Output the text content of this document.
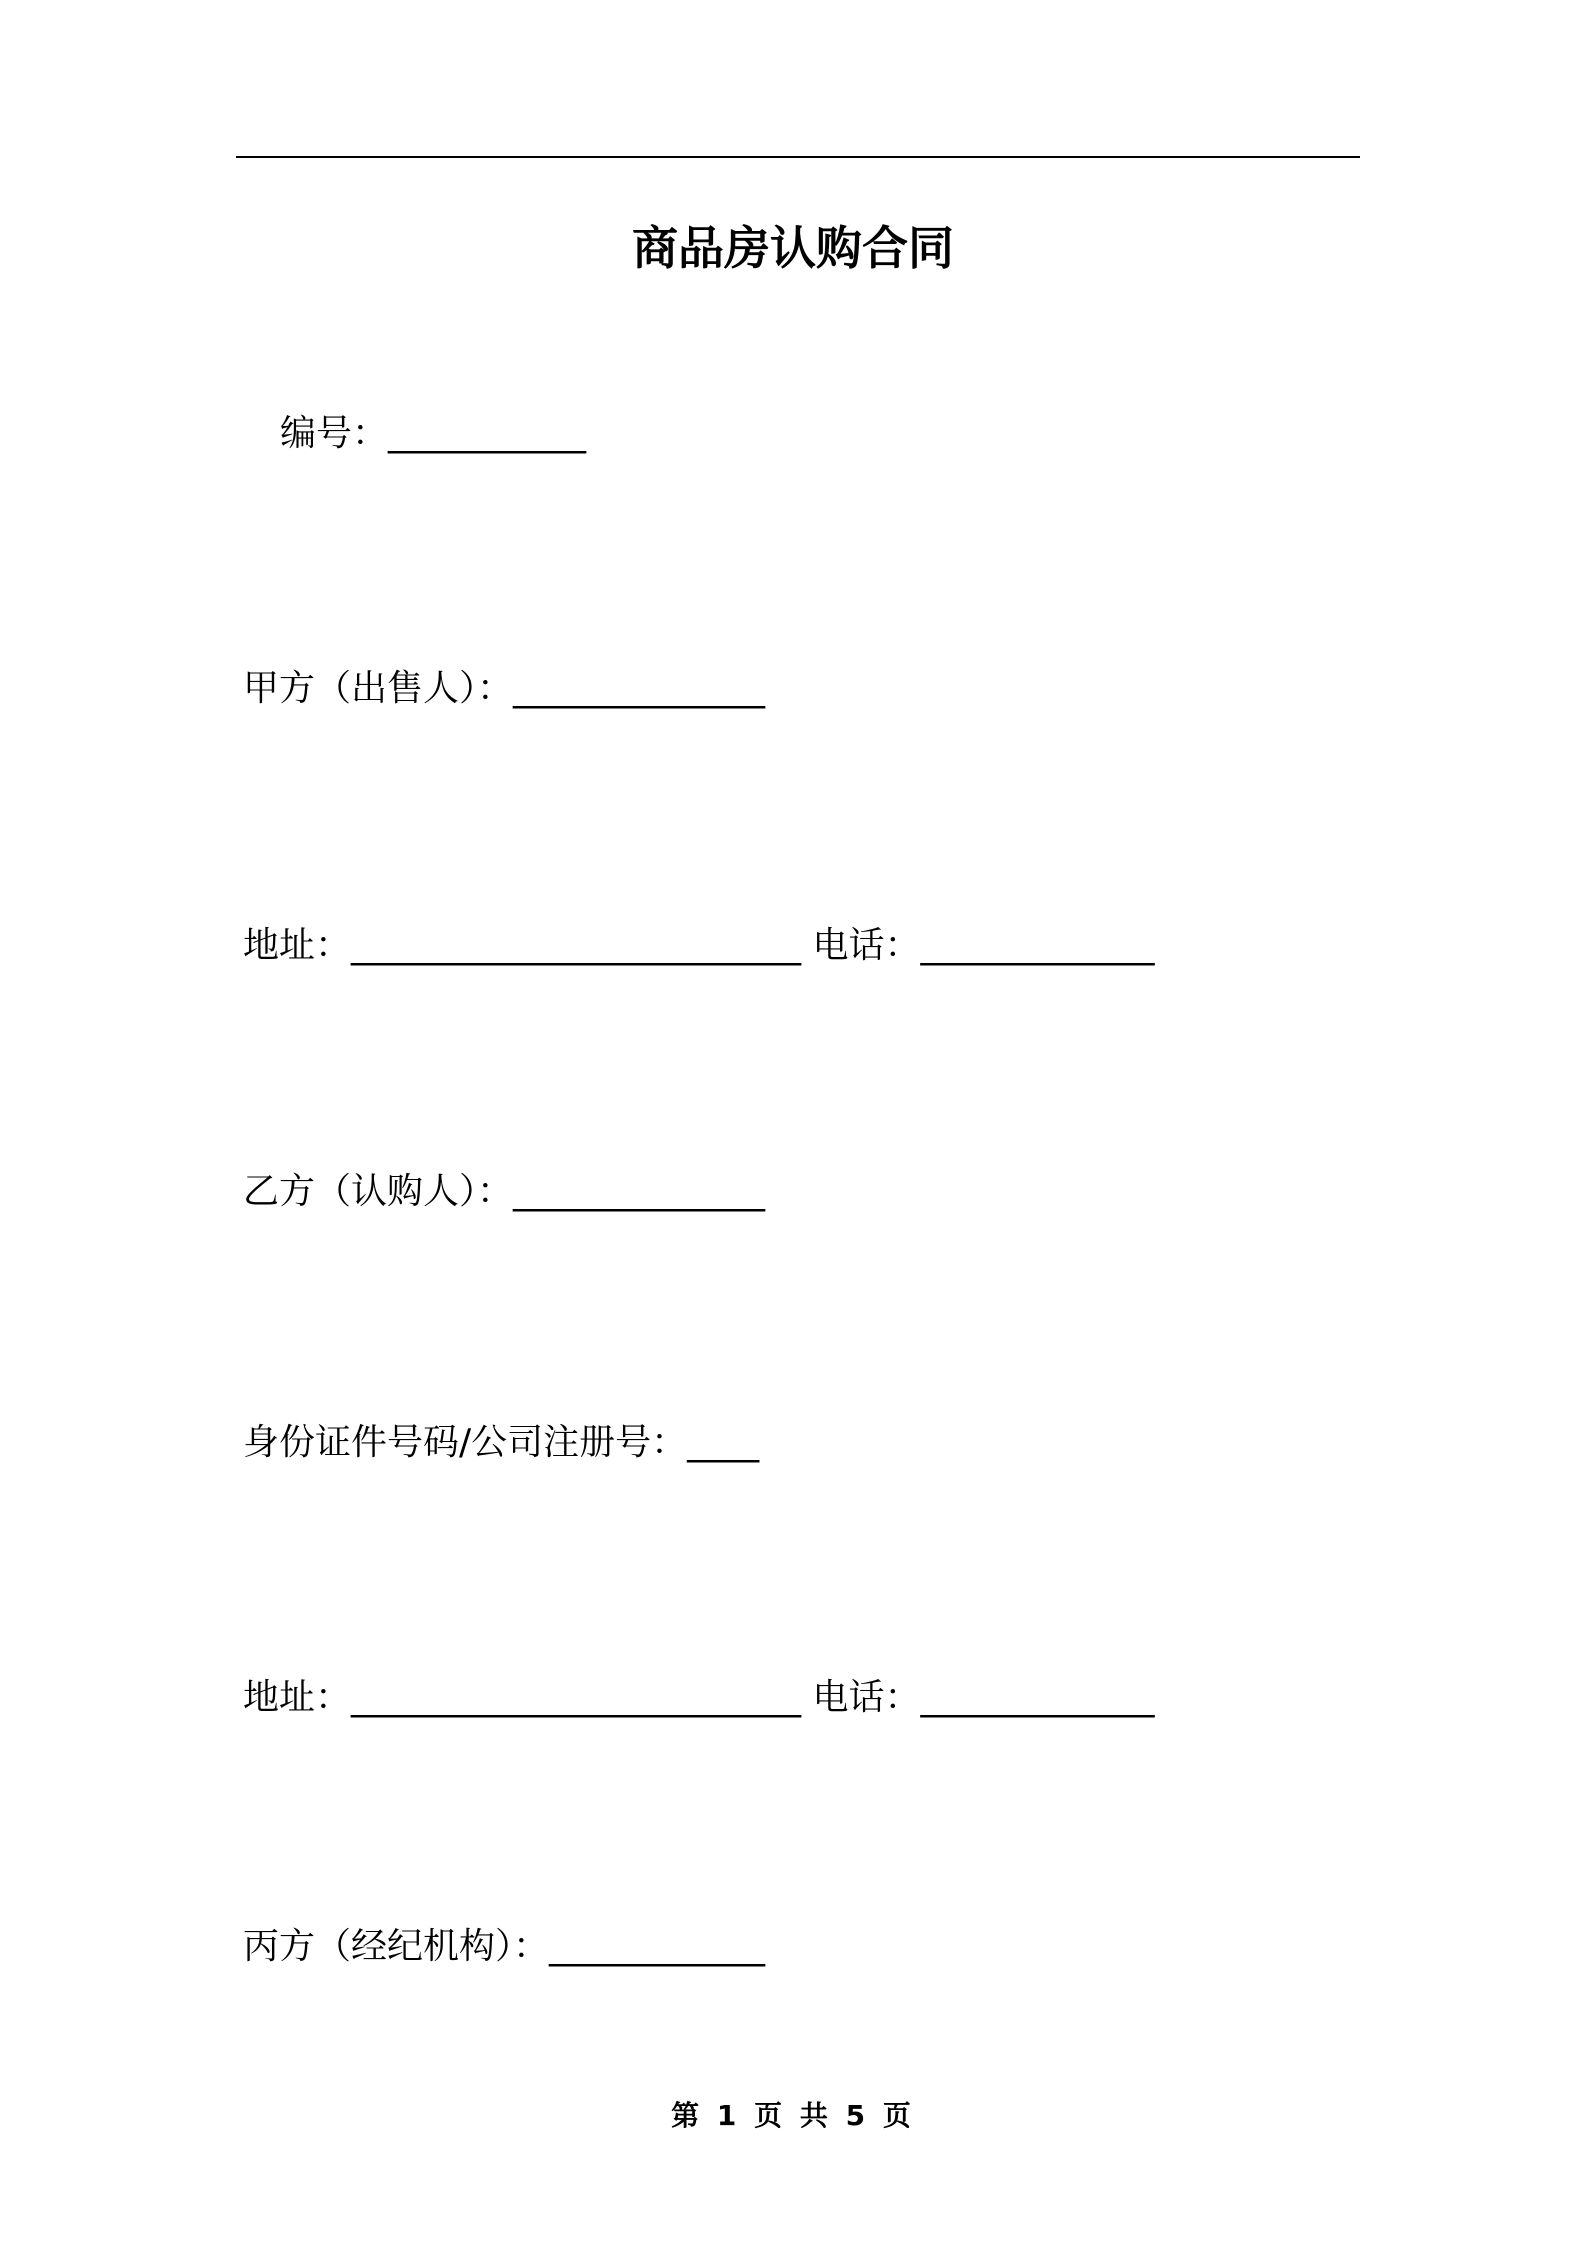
商品房认购合同
编号：___________
甲方（出售人）：______________
地址：_________________________ 电话：_____________
乙方（认购人）：______________
身份证件号码/公司注册号：____
地址：_________________________ 电话：_____________
丙方（经纪机构）：____________
第 1 页 共 5 页
